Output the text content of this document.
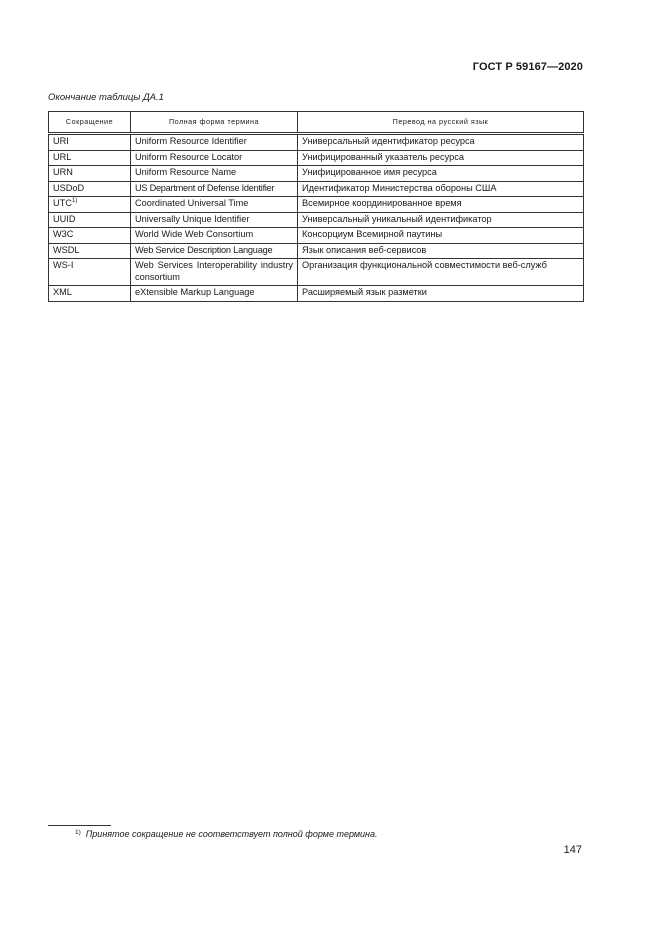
ГОСТ Р 59167—2020
Окончание таблицы ДА.1
Сокращение	Полная форма термина	Перевод на русский язык
URI	Uniform Resource Identifier	Универсальный идентификатор ресурса
URL	Uniform Resource Locator	Унифицированный указатель ресурса
URN	Uniform Resource Name	Унифицированное имя ресурса
USDoD	US Department of Defense Identifier	Идентификатор Министерства обороны США
UTC$^{1)}$	Coordinated Universal Time	Всемирное координированное время
UUID	Universally Unique Identifier	Универсальный уникальный идентификатор
W3C	World Wide Web Consortium	Консорциум Всемирной паутины
WSDL	Web Service Description Language	Язык описания веб-сервисов
WS-I	Web Services Interoperability industry consortium	Организация функциональной совместимости веб-служб
XML	eXtensible Markup Language	Расширяемый язык разметки
$^{1)}$ Принятое сокращение не соответствует полной форме термина.
147
